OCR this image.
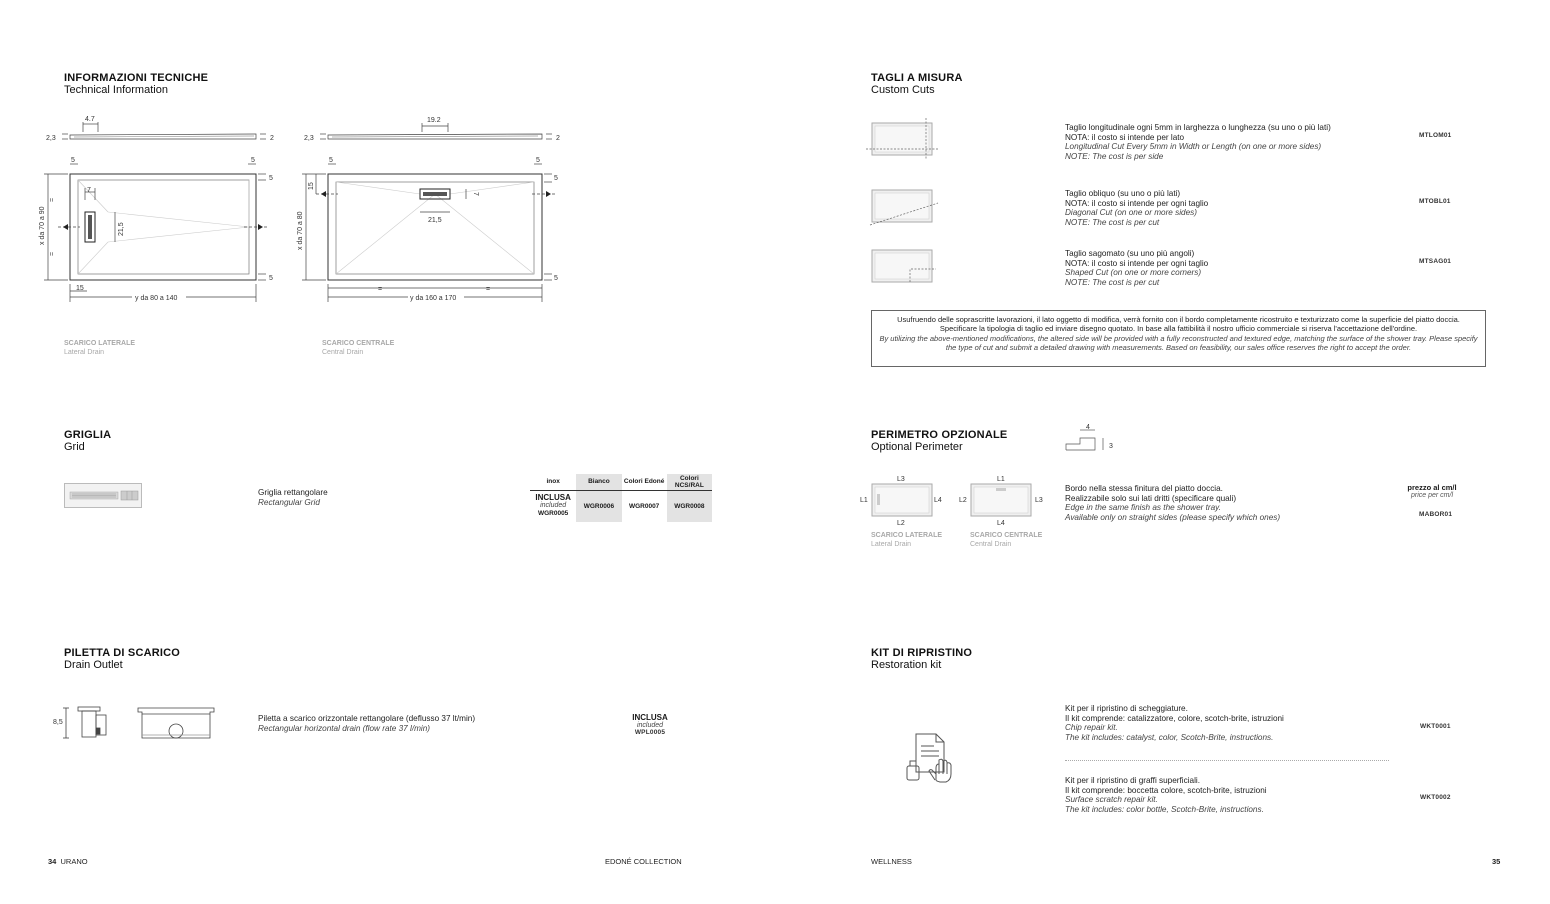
INFORMAZIONI TECNICHE
Technical Information
4.7
2,3	2
5	5
5
5
7
21,5
15
x da 70 a 90
=
=
y da 80 a 140
SCARICO LATERALE
Lateral Drain
19.2
2,3	2
5	5
5
5
15
7
21,5
x da 70 a 80
=	=
y da 160 a 170
SCARICO CENTRALE
Central Drain
GRIGLIA
Grid
Griglia rettangolare
Rectangular Grid
inox	Bianco	Colori Edoné	Colori NCS/RAL

INCLUSA
included
WGR0005	WGR0006	WGR0007	WGR0008
PILETTA DI SCARICO
Drain Outlet
8,5	Piletta a scarico orizzontale rettangolare (deflusso 37 lt/min)
Rectangular horizontal drain (flow rate 37 l/min)
INCLUSA
included
WPL0005
34 URANO	EDONÉ COLLECTION
TAGLI A MISURA
Custom Cuts
Taglio longitudinale ogni 5mm in larghezza o lunghezza (su uno o più lati)
NOTA: il costo si intende per lato
Longitudinal Cut Every 5mm in Width or Length (on one or more sides)
NOTE: The cost is per side
MTLOM01
Taglio obliquo (su uno o più lati)
NOTA: il costo si intende per ogni taglio
Diagonal Cut (on one or more sides)
NOTE: The cost is per cut
MTOBL01
Taglio sagomato (su uno più angoli)
NOTA: il costo si intende per ogni taglio
Shaped Cut (on one or more corners)
NOTE: The cost is per cut
MTSAG01
Usufruendo delle soprascritte lavorazioni, il lato oggetto di modifica, verrà fornito con il bordo completamente ricostruito e texturizzato come la superficie del piatto doccia. Specificare la tipologia di taglio ed inviare disegno quotato. In base alla fattibilità il nostro ufficio commerciale si riserva l'accettazione dell'ordine.
By utilizing the above-mentioned modifications, the altered side will be provided with a fully reconstructed and textured edge, matching the surface of the shower tray. Please specify the type of cut and submit a detailed drawing with measurements. Based on feasibility, our sales office reserves the right to accept the order.
PERIMETRO OPZIONALE
Optional Perimeter
4
3
L3
L1	L4
L2
L1
L2	L3
L4
SCARICO LATERALE
Lateral Drain
SCARICO CENTRALE
Central Drain
Bordo nella stessa finitura del piatto doccia.
Realizzabile solo sui lati dritti (specificare quali)
Edge in the same finish as the shower tray.
Available only on straight sides (please specify which ones)
prezzo al cm/l
price per cm/l
MABOR01
KIT DI RIPRISTINO
Restoration kit
Kit per il ripristino di scheggiature.
Il kit comprende: catalizzatore, colore, scotch-brite, istruzioni
Chip repair kit.
The kit includes: catalyst, color, Scotch-Brite, instructions.
WKT0001
Kit per il ripristino di graffi superficiali.
Il kit comprende: boccetta colore, scotch-brite, istruzioni
Surface scratch repair kit.
The kit includes: color bottle, Scotch-Brite, instructions.
WKT0002
WELLNESS	35
